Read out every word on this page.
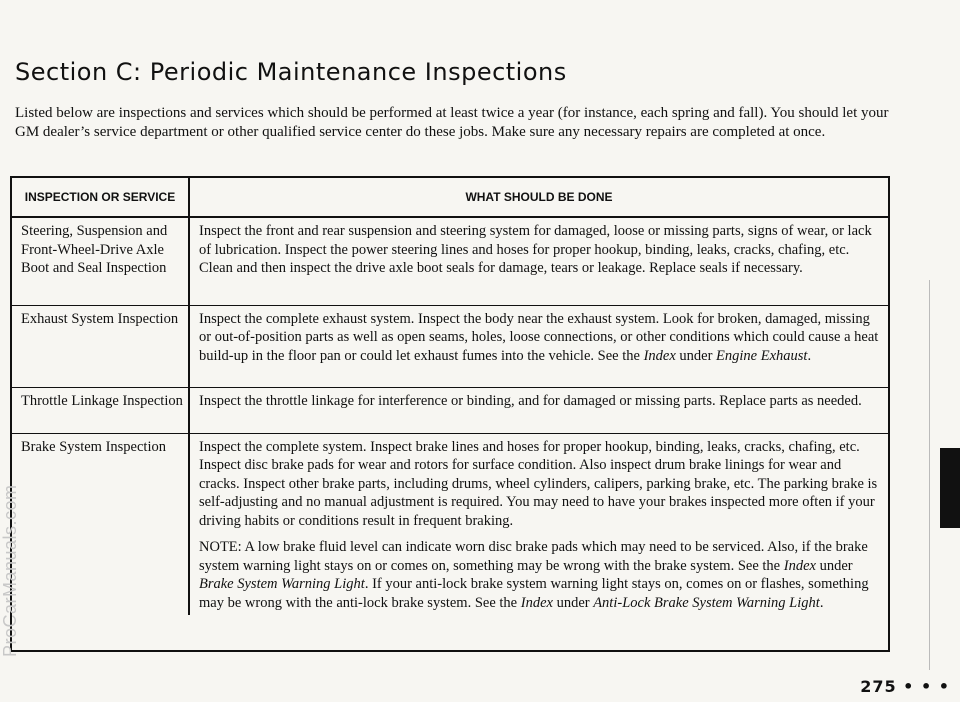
Section C: Periodic Maintenance Inspections

Listed below are inspections and services which should be performed at least twice a year (for instance, each spring and fall). You should let your GM dealer’s service department or other qualified service center do these jobs. Make sure any necessary repairs are completed at once.

INSPECTION OR SERVICE	WHAT SHOULD BE DONE
Steering, Suspension and Front-Wheel-Drive Axle Boot and Seal Inspection	Inspect the front and rear suspension and steering system for damaged, loose or missing parts, signs of wear, or lack of lubrication. Inspect the power steering lines and hoses for proper hookup, binding, leaks, cracks, chafing, etc. Clean and then inspect the drive axle boot seals for damage, tears or leakage. Replace seals if necessary.
Exhaust System Inspection	Inspect the complete exhaust system. Inspect the body near the exhaust system. Look for broken, damaged, missing or out-of-position parts as well as open seams, holes, loose connections, or other conditions which could cause a heat build-up in the floor pan or could let exhaust fumes into the vehicle. See the Index under Engine Exhaust.
Throttle Linkage Inspection	Inspect the throttle linkage for interference or binding, and for damaged or missing parts. Replace parts as needed.
Brake System Inspection	Inspect the complete system. Inspect brake lines and hoses for proper hookup, binding, leaks, cracks, chafing, etc. Inspect disc brake pads for wear and rotors for surface condition. Also inspect drum brake linings for wear and cracks. Inspect other brake parts, including drums, wheel cylinders, calipers, parking brake, etc. The parking brake is self-adjusting and no manual adjustment is required. You may need to have your brakes inspected more often if your driving habits or conditions result in frequent braking.

NOTE: A low brake fluid level can indicate worn disc brake pads which may need to be serviced. Also, if the brake system warning light stays on or comes on, something may be wrong with the brake system. See the Index under Brake System Warning Light. If your anti-lock brake system warning light stays on, comes on or flashes, something may be wrong with the anti-lock brake system. See the Index under Anti-Lock Brake System Warning Light.

275 • • •
ProCarManuals.com
